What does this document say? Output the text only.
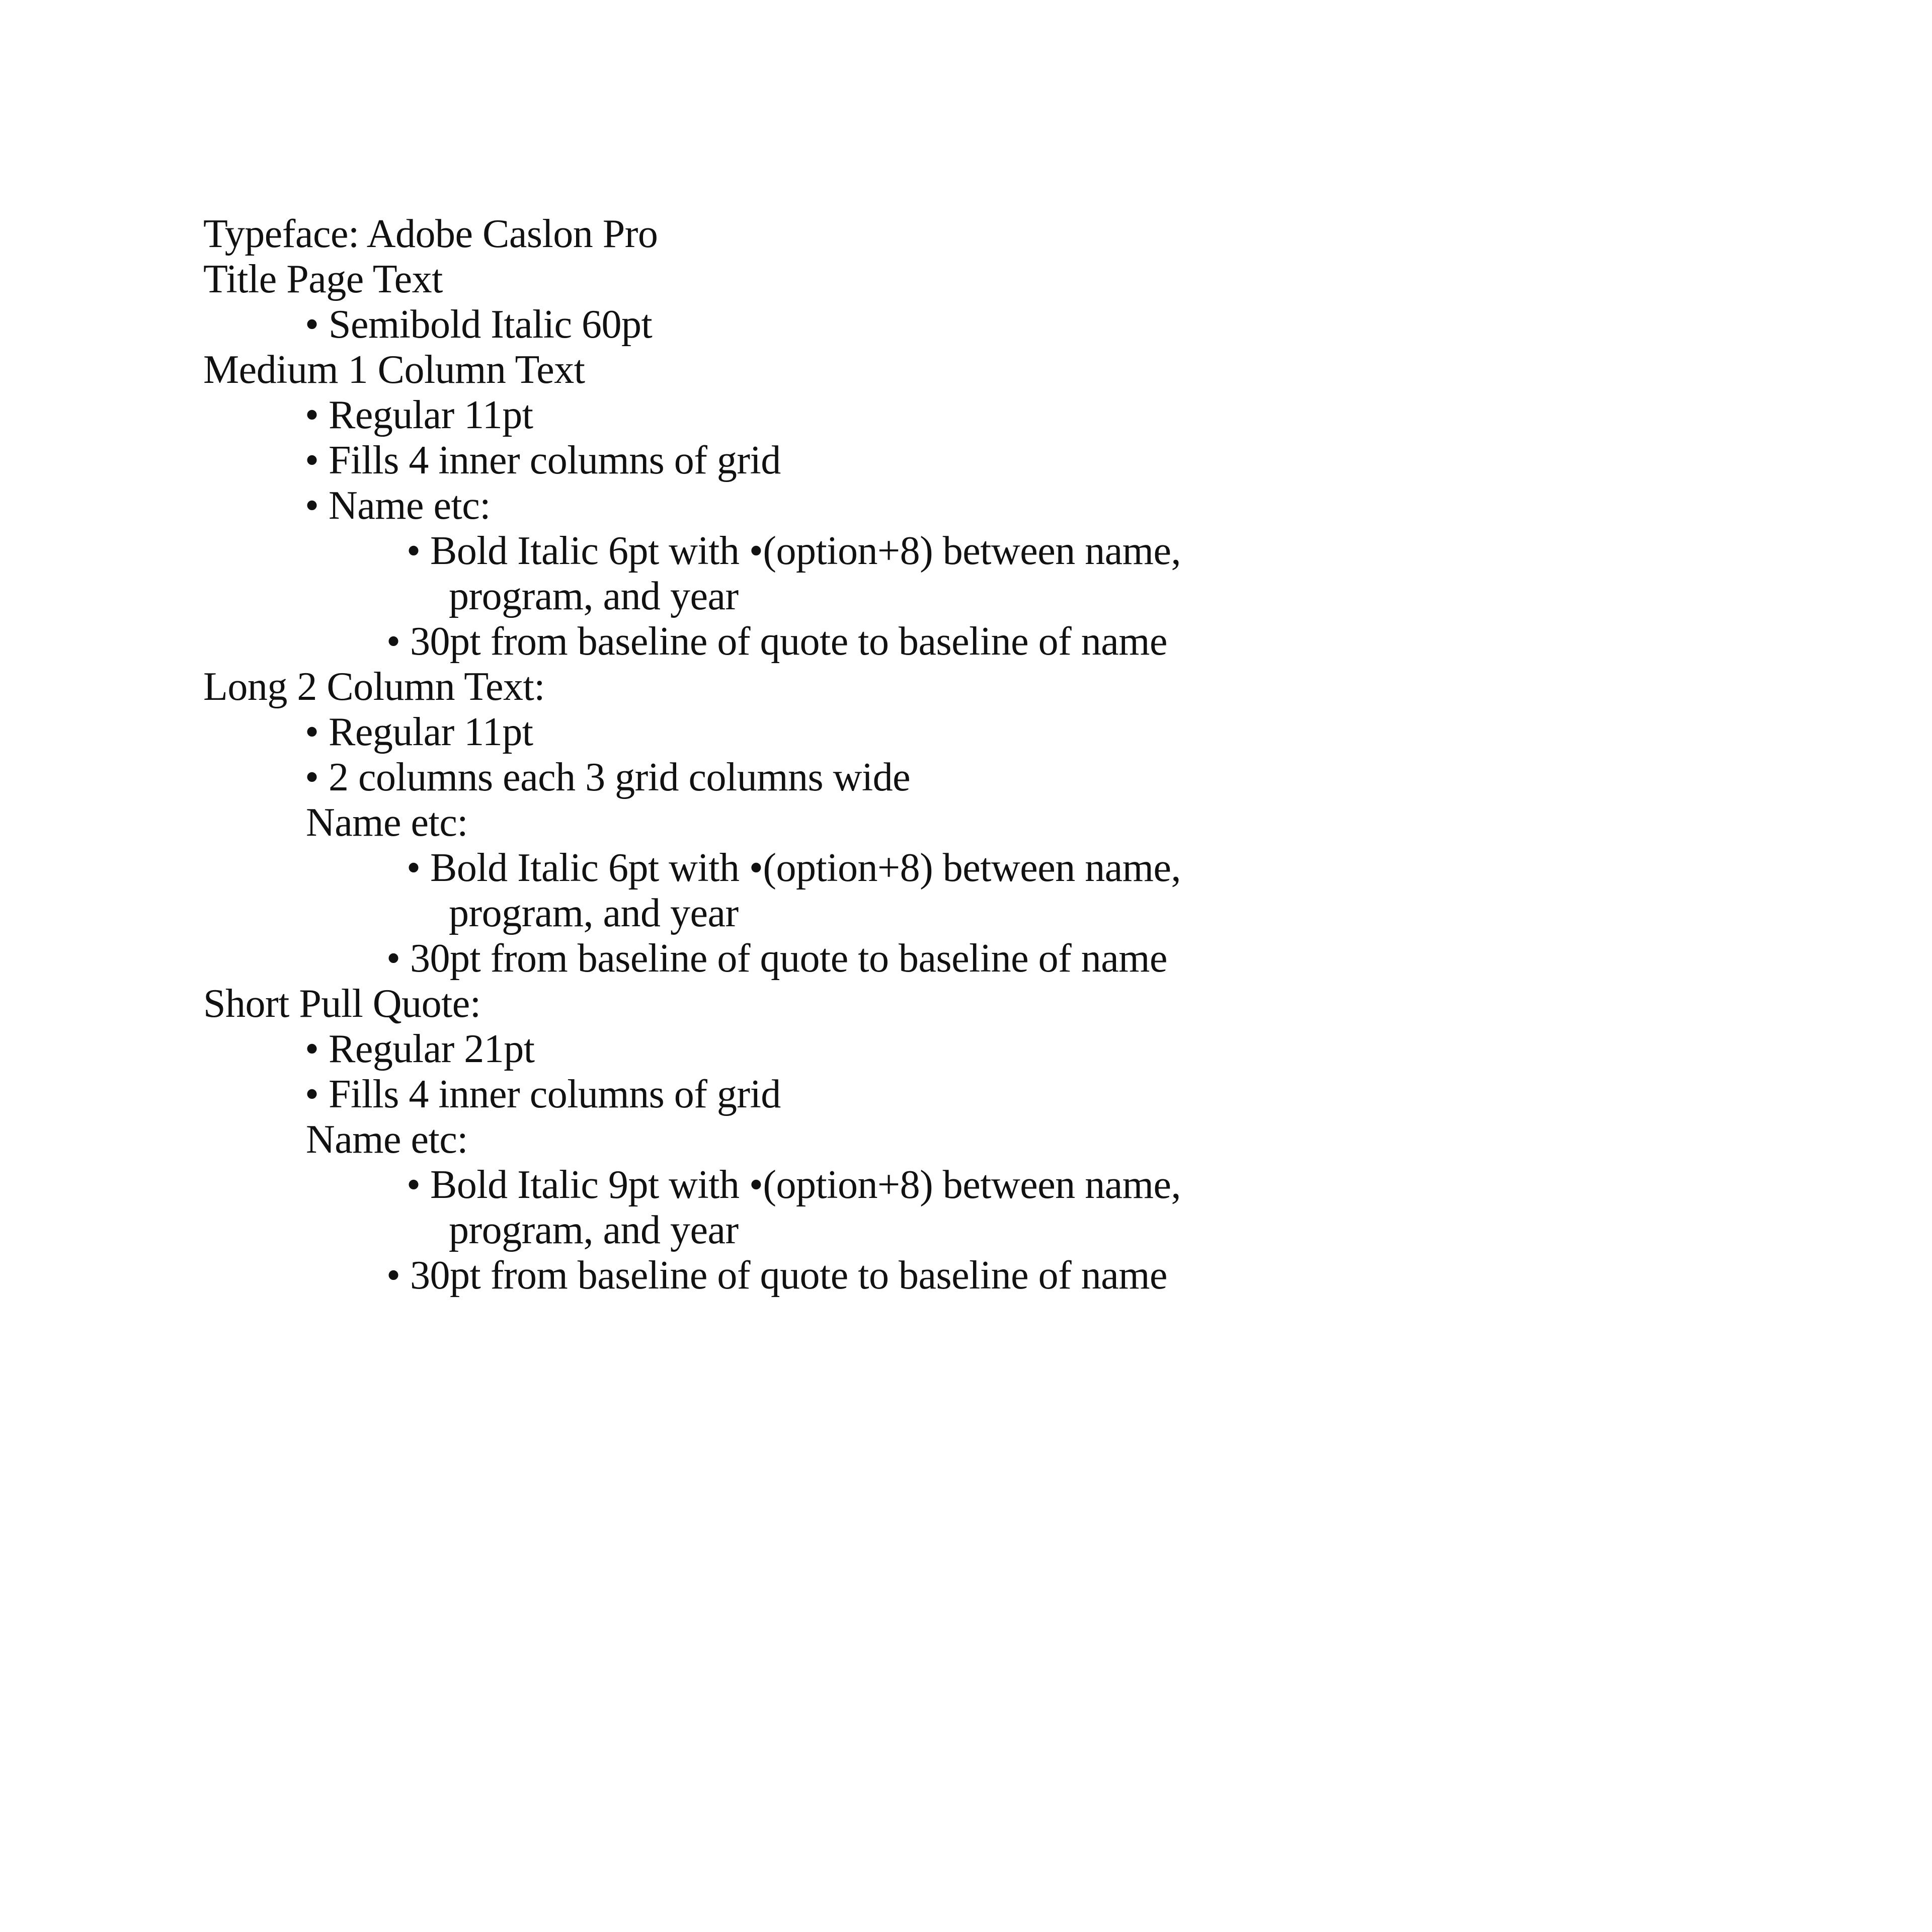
Typeface: Adobe Caslon Pro
Title Page Text
• Semibold Italic 60pt
Medium 1 Column Text
• Regular 11pt
• Fills 4 inner columns of grid
• Name etc:
• Bold Italic 6pt with •(option+8) between name,
program, and year
• 30pt from baseline of quote to baseline of name
Long 2 Column Text:
• Regular 11pt
• 2 columns each 3 grid columns wide
Name etc:
• Bold Italic 6pt with •(option+8) between name,
program, and year
• 30pt from baseline of quote to baseline of name
Short Pull Quote:
• Regular 21pt
• Fills 4 inner columns of grid
Name etc:
• Bold Italic 9pt with •(option+8) between name,
program, and year
• 30pt from baseline of quote to baseline of name
